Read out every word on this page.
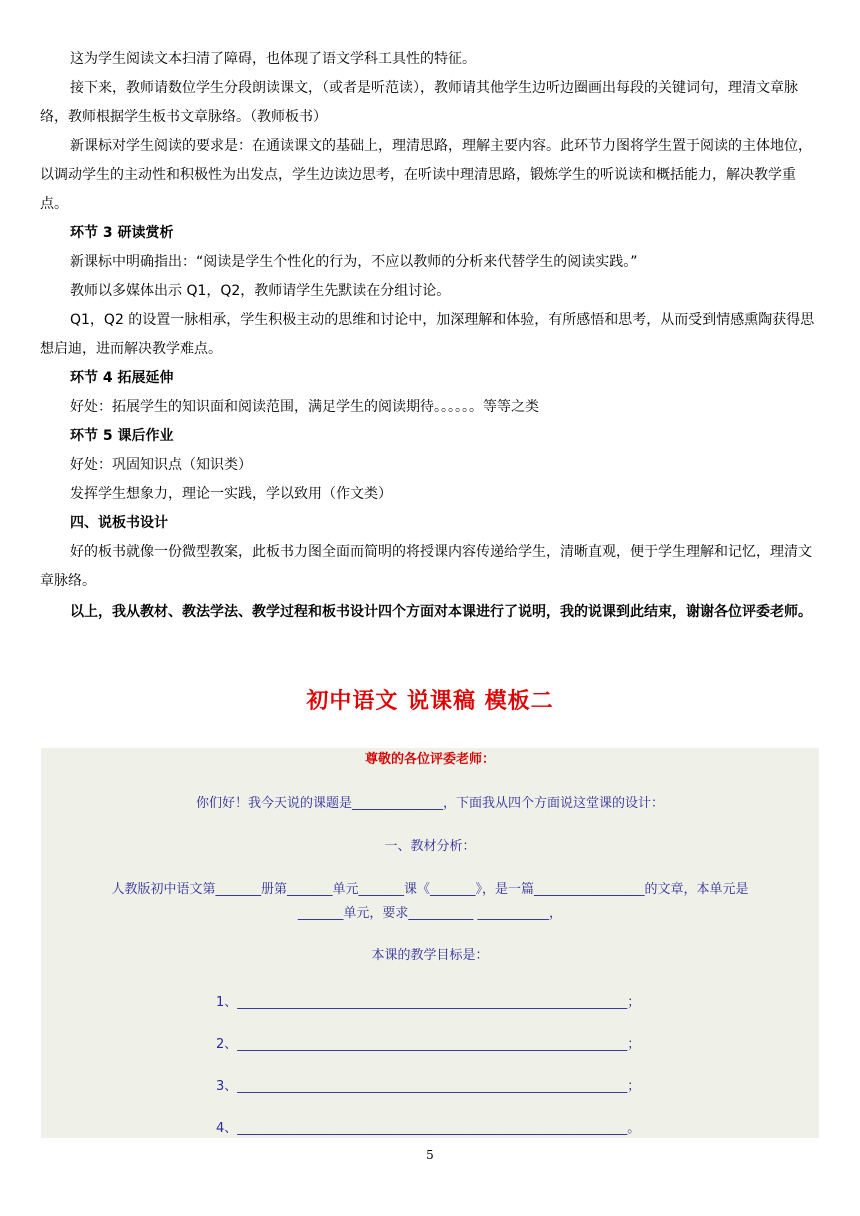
这为学生阅读文本扫清了障碍，也体现了语文学科工具性的特征。

接下来，教师请数位学生分段朗读课文，（或者是听范读），教师请其他学生边听边圈画出每段的关键词句，理清文章脉络，教师根据学生板书文章脉络。（教师板书）

新课标对学生阅读的要求是：在通读课文的基础上，理清思路，理解主要内容。此环节力图将学生置于阅读的主体地位，以调动学生的主动性和积极性为出发点，学生边读边思考，在听读中理清思路，锻炼学生的听说读和概括能力，解决教学重点。

环节 3 研读赏析

新课标中明确指出：“阅读是学生个性化的行为，不应以教师的分析来代替学生的阅读实践。”

教师以多媒体出示 Q1，Q2，教师请学生先默读在分组讨论。

Q1，Q2 的设置一脉相承，学生积极主动的思维和讨论中，加深理解和体验，有所感悟和思考，从而受到情感熏陶获得思想启迪，进而解决教学难点。

环节 4 拓展延伸

好处：拓展学生的知识面和阅读范围，满足学生的阅读期待。。。。。。等等之类

环节 5 课后作业

好处：巩固知识点（知识类）

发挥学生想象力，理论一实践，学以致用（作文类）

四、说板书设计

好的板书就像一份微型教案，此板书力图全面而简明的将授课内容传递给学生，清晰直观，便于学生理解和记忆，理清文章脉络。

以上，我从教材、教法学法、教学过程和板书设计四个方面对本课进行了说明，我的说课到此结束，谢谢各位评委老师。

初中语文 说课稿 模板二
尊敬的各位评委老师：
你们好！我今天说的课题是______________，下面我从四个方面说这堂课的设计：
一、教材分析：
人教版初中语文第_______册第_______单元_______课《_______》，是一篇_________________的文章，本单元是
_______单元，要求__________ ___________，
本课的教学目标是：
1、____________________________________________________________；
2、____________________________________________________________；
3、____________________________________________________________；
4、____________________________________________________________。
5
